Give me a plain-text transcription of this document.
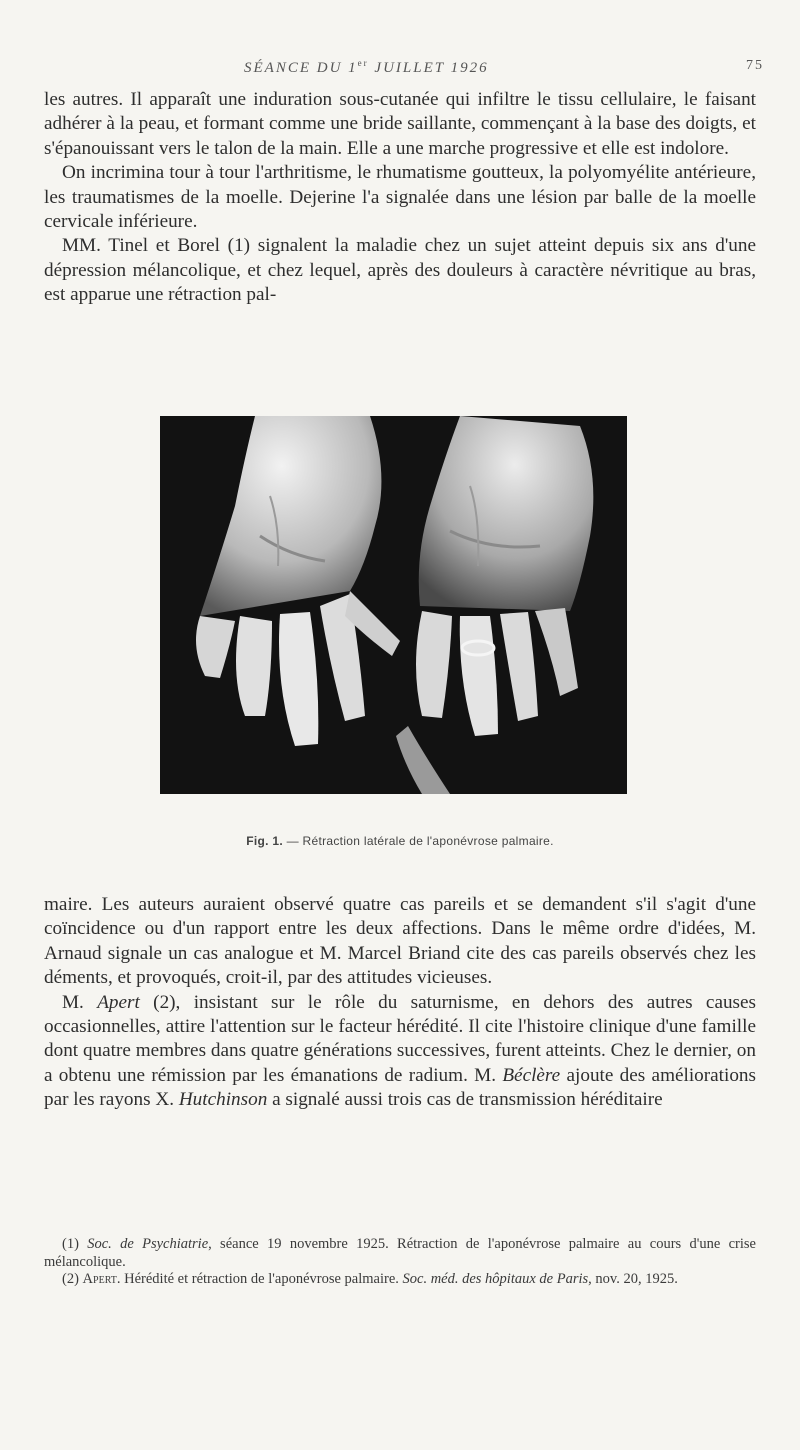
SÉANCE DU 1er JUILLET 1926	75

les autres. Il apparaît une induration sous-cutanée qui infiltre le tissu cellulaire, le faisant adhérer à la peau, et formant comme une bride saillante, commençant à la base des doigts, et s'épanouissant vers le talon de la main. Elle a une marche progressive et elle est indolore.

On incrimina tour à tour l'arthritisme, le rhumatisme goutteux, la polyomyélite antérieure, les traumatismes de la moelle. Dejerine l'a signalée dans une lésion par balle de la moelle cervicale inférieure.

MM. Tinel et Borel (1) signalent la maladie chez un sujet atteint depuis six ans d'une dépression mélancolique, et chez lequel, après des douleurs à caractère névritique au bras, est apparue une rétraction pal-

Fig. 1. — Rétraction latérale de l'aponévrose palmaire.

maire. Les auteurs auraient observé quatre cas pareils et se demandent s'il s'agit d'une coïncidence ou d'un rapport entre les deux affections. Dans le même ordre d'idées, M. Arnaud signale un cas analogue et M. Marcel Briand cite des cas pareils observés chez les déments, et provoqués, croit-il, par des attitudes vicieuses.

M. Apert (2), insistant sur le rôle du saturnisme, en dehors des autres causes occasionnelles, attire l'attention sur le facteur hérédité. Il cite l'histoire clinique d'une famille dont quatre membres dans quatre générations successives, furent atteints. Chez le dernier, on a obtenu une rémission par les émanations de radium. M. Béclère ajoute des améliorations par les rayons X. Hutchinson a signalé aussi trois cas de transmission héréditaire

(1) Soc. de Psychiatrie, séance 19 novembre 1925. Rétraction de l'aponévrose palmaire au cours d'une crise mélancolique.

(2) Apert. Hérédité et rétraction de l'aponévrose palmaire. Soc. méd. des hôpitaux de Paris, nov. 20, 1925.
